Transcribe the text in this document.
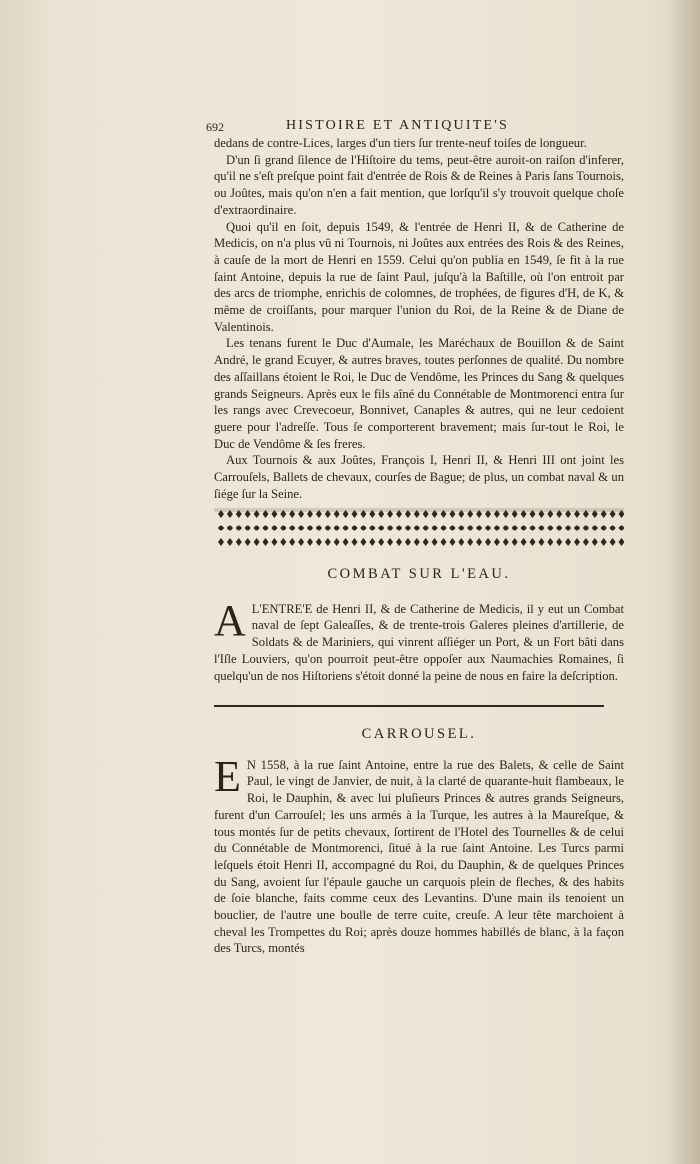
692	HISTOIRE ET ANTIQUITE'S

dedans de contre-Lices, larges d'un tiers ſur trente-neuf toiſes de longueur.

D'un ſi grand ſilence de l'Hiſtoire du tems, peut-être auroit-on raiſon d'inferer, qu'il ne s'eſt preſque point fait d'entrée de Rois & de Reines à Paris ſans Tournois, ou Joûtes, mais qu'on n'en a fait mention, que lorſqu'il s'y trouvoit quelque choſe d'extraordinaire.

Quoi qu'il en ſoit, depuis 1549, & l'entrée de Henri II, & de Catherine de Medicis, on n'a plus vû ni Tournois, ni Joûtes aux entrées des Rois & des Reines, à cauſe de la mort de Henri en 1559. Celui qu'on publia en 1549, ſe fit à la rue ſaint Antoine, depuis la rue de ſaint Paul, juſqu'à la Baſtille, où l'on entroit par des arcs de triomphe, enrichis de colomnes, de trophées, de figures d'H, de K, & même de croiſſants, pour marquer l'union du Roi, de la Reine & de Diane de Valentinois.

Les tenans furent le Duc d'Aumale, les Maréchaux de Bouillon & de Saint André, le grand Ecuyer, & autres braves, toutes perſonnes de qualité. Du nombre des aſſaillans étoient le Roi, le Duc de Vendôme, les Princes du Sang & quelques grands Seigneurs. Après eux le fils aîné du Connétable de Montmorenci entra ſur les rangs avec Crevecoeur, Bonnivet, Canaples & autres, qui ne leur cedoient guere pour l'adreſſe. Tous ſe comporterent bravement; mais ſur-tout le Roi, le Duc de Vendôme & ſes freres.

Aux Tournois & aux Joûtes, François I, Henri II, & Henri III ont joint les Carrouſels, Ballets de chevaux, courſes de Bague; de plus, un combat naval & un ſiége ſur la Seine.

COMBAT SUR L'EAU.

A L'ENTRE'E de Henri II, & de Catherine de Medicis, il y eut un Combat naval de ſept Galeaſſes, & de trente-trois Galeres pleines d'artillerie, de Soldats & de Mariniers, qui vinrent aſſiéger un Port, & un Fort bâti dans l'Iſle Louviers, qu'on pourroit peut-être oppoſer aux Naumachies Romaines, ſi quelqu'un de nos Hiſtoriens s'étoit donné la peine de nous en faire la deſcription.

CARROUSEL.

E N 1558, à la rue ſaint Antoine, entre la rue des Balets, & celle de Saint Paul, le vingt de Janvier, de nuit, à la clarté de quarante-huit flambeaux, le Roi, le Dauphin, & avec lui pluſieurs Princes & autres grands Seigneurs, furent d'un Carrouſel; les uns armés à la Turque, les autres à la Maureſque, & tous montés ſur de petits chevaux, ſortirent de l'Hotel des Tournelles & de celui du Connétable de Montmorenci, ſitué à la rue ſaint Antoine. Les Turcs parmi leſquels étoit Henri II, accompagné du Roi, du Dauphin, & de quelques Princes du Sang, avoient ſur l'épaule gauche un carquois plein de fleches, & des habits de ſoie blanche, faits comme ceux des Levantins. D'une main ils tenoient un bouclier, de l'autre une boulle de terre cuite, creuſe. A leur tête marchoient à cheval les Trompettes du Roi; après douze hommes habillés de blanc, à la façon des Turcs, montés
